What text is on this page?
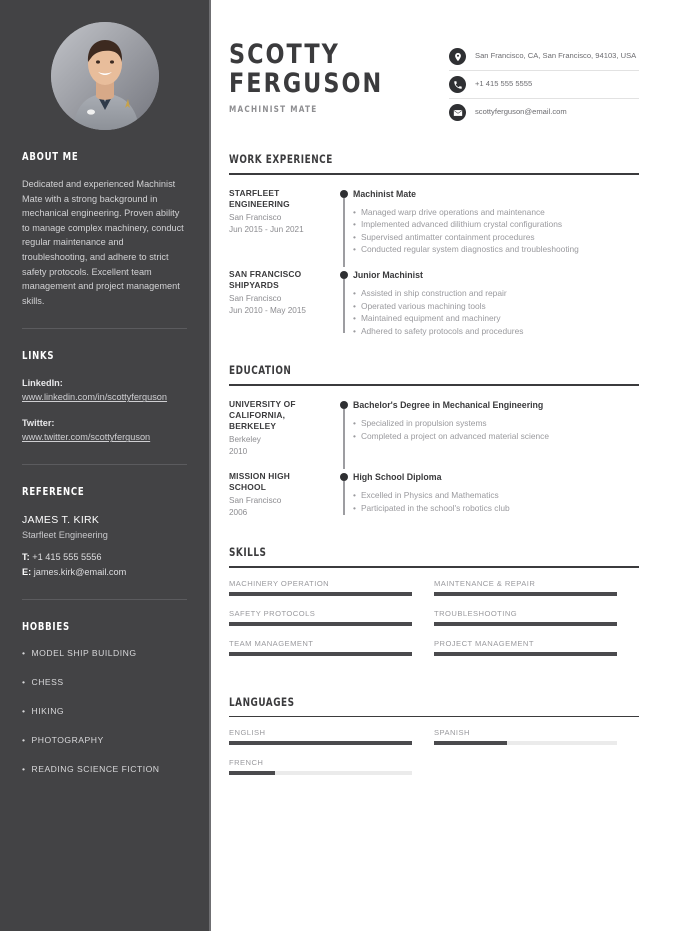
ABOUT ME

Dedicated and experienced Machinist Mate with a strong background in mechanical engineering. Proven ability to manage complex machinery, conduct regular maintenance and troubleshooting, and adhere to strict safety protocols. Excellent team management and project management skills.

LINKS
LinkedIn:
www.linkedin.com/in/scottyferguson
Twitter:
www.twitter.com/scottyferguson
REFERENCE
JAMES T. KIRK
Starfleet Engineering
T: +1 415 555 5556
E: james.kirk@email.com
HOBBIES
• MODEL SHIP BUILDING
• CHESS
• HIKING
• PHOTOGRAPHY
• READING SCIENCE FICTION
SCOTTY
FERGUSON
MACHINIST MATE
San Francisco, CA, San Francisco, 94103, USA
+1 415 555 5555
scottyferguson@email.com
WORK EXPERIENCE
STARFLEET ENGINEERING
San Francisco
Jun 2015 - Jun 2021
Machinist Mate
• Managed warp drive operations and maintenance
• Implemented advanced dilithium crystal configurations
• Supervised antimatter containment procedures
• Conducted regular system diagnostics and troubleshooting
SAN FRANCISCO SHIPYARDS
San Francisco
Jun 2010 - May 2015
Junior Machinist
• Assisted in ship construction and repair
• Operated various machining tools
• Maintained equipment and machinery
• Adhered to safety protocols and procedures
EDUCATION
UNIVERSITY OF CALIFORNIA, BERKELEY
Berkeley
2010
Bachelor's Degree in Mechanical Engineering
• Specialized in propulsion systems
• Completed a project on advanced material science
MISSION HIGH SCHOOL
San Francisco
2006
High School Diploma
• Excelled in Physics and Mathematics
• Participated in the school's robotics club
SKILLS
MACHINERY OPERATION	MAINTENANCE & REPAIR
SAFETY PROTOCOLS	TROUBLESHOOTING
TEAM MANAGEMENT	PROJECT MANAGEMENT
LANGUAGES
ENGLISH	SPANISH
FRENCH
